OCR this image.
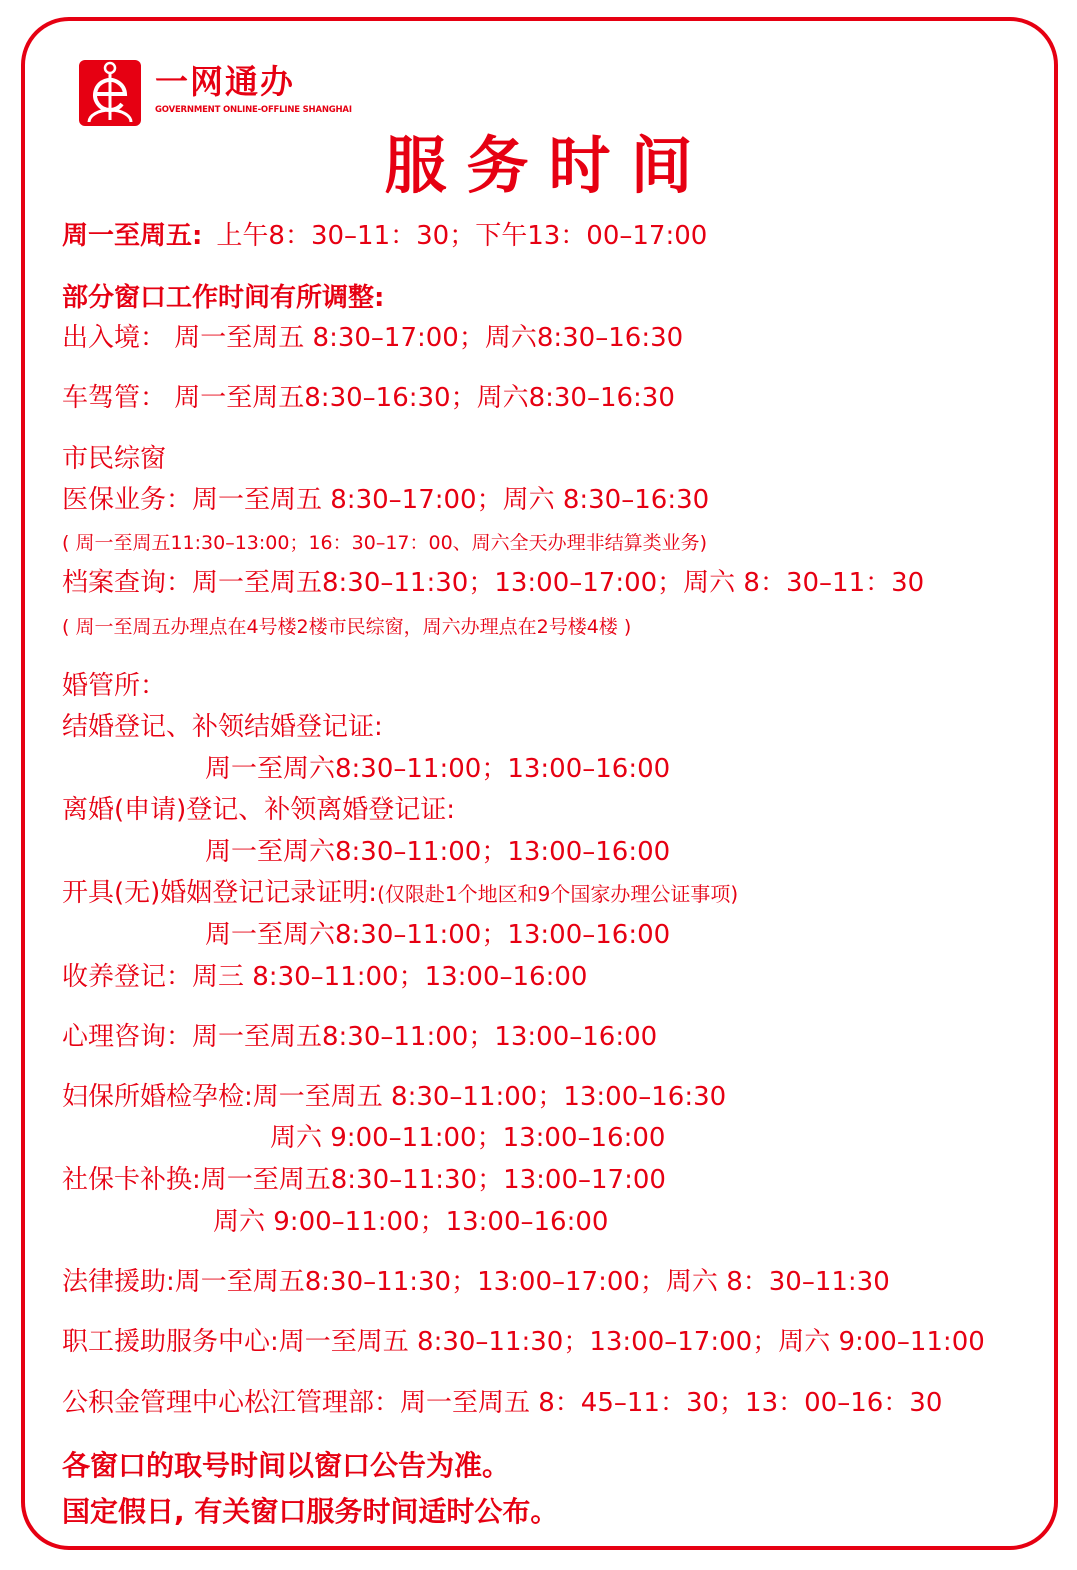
一网通办
GOVERNMENT ONLINE-OFFLINE SHANGHAI
服务时间
周一至周五: 上午8：30–11：30；下午13：00–17:00
部分窗口工作时间有所调整:
出入境： 周一至周五 8:30–17:00；周六8:30–16:30
车驾管： 周一至周五8:30–16:30；周六8:30–16:30
市民综窗
医保业务：周一至周五 8:30–17:00；周六 8:30–16:30
( 周一至周五11:30–13:00；16：30–17：00、周六全天办理非结算类业务)
档案查询：周一至周五8:30–11:30；13:00–17:00；周六 8：30–11：30
( 周一至周五办理点在4号楼2楼市民综窗，周六办理点在2号楼4楼 )
婚管所：
结婚登记、补领结婚登记证:
周一至周六8:30–11:00；13:00–16:00
离婚(申请)登记、补领离婚登记证:
周一至周六8:30–11:00；13:00–16:00
开具(无)婚姻登记记录证明:(仅限赴1个地区和9个国家办理公证事项)
周一至周六8:30–11:00；13:00–16:00
收养登记：周三 8:30–11:00；13:00–16:00
心理咨询：周一至周五8:30–11:00；13:00–16:00
妇保所婚检孕检:周一至周五 8:30–11:00；13:00–16:30
周六 9:00–11:00；13:00–16:00
社保卡补换:周一至周五8:30–11:30；13:00–17:00
周六 9:00–11:00；13:00–16:00
法律援助:周一至周五8:30–11:30；13:00–17:00；周六 8：30–11:30
职工援助服务中心:周一至周五 8:30–11:30；13:00–17:00；周六 9:00–11:00
公积金管理中心松江管理部：周一至周五 8：45–11：30；13：00–16：30
各窗口的取号时间以窗口公告为准。
国定假日, 有关窗口服务时间适时公布。
